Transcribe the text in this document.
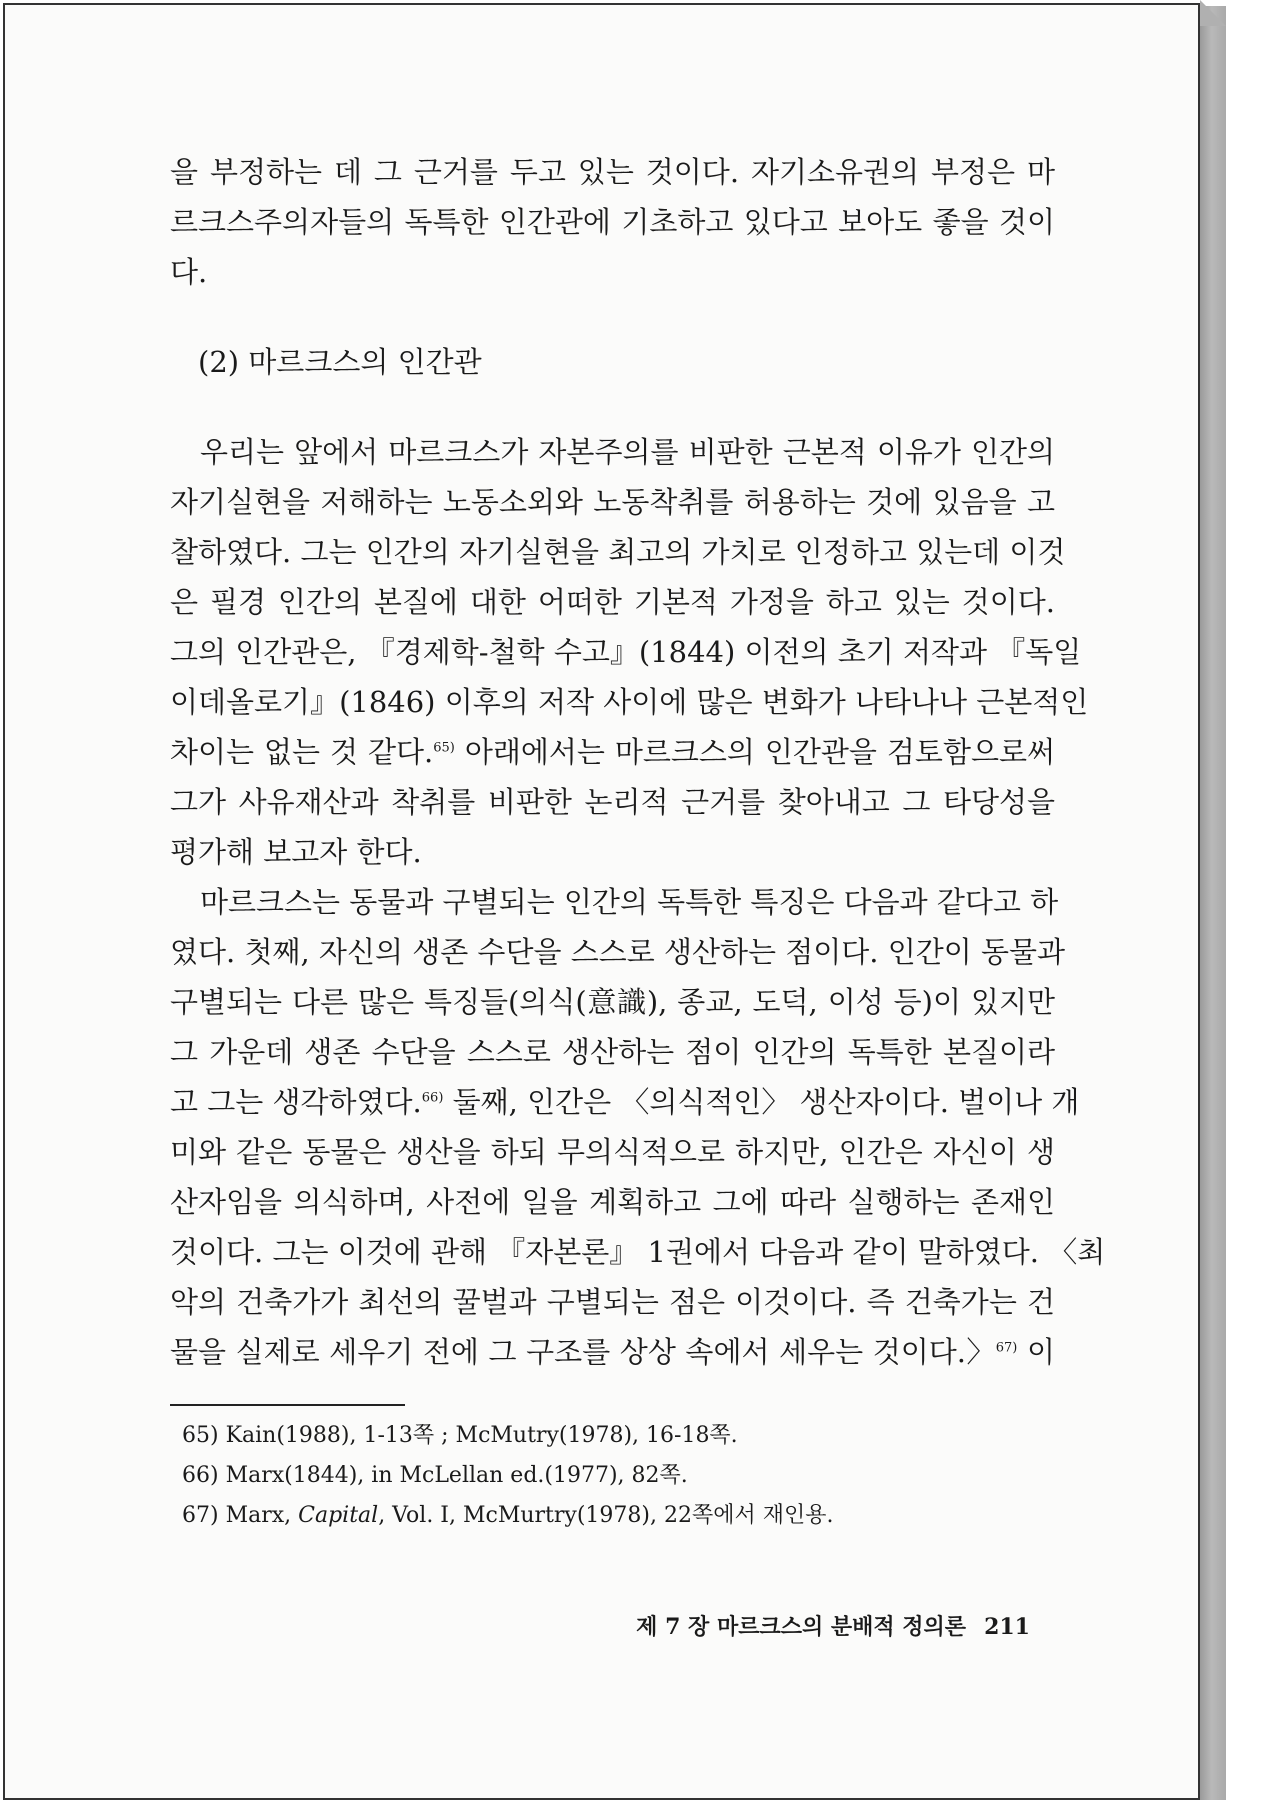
을 부정하는 데 그 근거를 두고 있는 것이다. 자기소유권의 부정은 마

르크스주의자들의 독특한 인간관에 기초하고 있다고 보아도 좋을 것이

다.

(2) 마르크스의 인간관

우리는 앞에서 마르크스가 자본주의를 비판한 근본적 이유가 인간의

자기실현을 저해하는 노동소외와 노동착취를 허용하는 것에 있음을 고

찰하였다. 그는 인간의 자기실현을 최고의 가치로 인정하고 있는데 이것

은 필경 인간의 본질에 대한 어떠한 기본적 가정을 하고 있는 것이다.

그의 인간관은, 『경제학-철학 수고』(1844) 이전의 초기 저작과 『독일

이데올로기』(1846) 이후의 저작 사이에 많은 변화가 나타나나 근본적인

차이는 없는 것 같다.$^{65)}$ 아래에서는 마르크스의 인간관을 검토함으로써

그가 사유재산과 착취를 비판한 논리적 근거를 찾아내고 그 타당성을

평가해 보고자 한다.

마르크스는 동물과 구별되는 인간의 독특한 특징은 다음과 같다고 하

였다. 첫째, 자신의 생존 수단을 스스로 생산하는 점이다. 인간이 동물과

구별되는 다른 많은 특징들(의식(意識), 종교, 도덕, 이성 등)이 있지만

그 가운데 생존 수단을 스스로 생산하는 점이 인간의 독특한 본질이라

고 그는 생각하였다.$^{66)}$ 둘째, 인간은 〈의식적인〉 생산자이다. 벌이나 개

미와 같은 동물은 생산을 하되 무의식적으로 하지만, 인간은 자신이 생

산자임을 의식하며, 사전에 일을 계획하고 그에 따라 실행하는 존재인

것이다. 그는 이것에 관해 『자본론』 1권에서 다음과 같이 말하였다. 〈최

악의 건축가가 최선의 꿀벌과 구별되는 점은 이것이다. 즉 건축가는 건

물을 실제로 세우기 전에 그 구조를 상상 속에서 세우는 것이다.〉$^{67)}$ 이

65) Kain(1988), 1-13쪽 ; McMutry(1978), 16-18쪽.

66) Marx(1844), in McLellan ed.(1977), 82쪽.

67) Marx, Capital, Vol. Ⅰ, McMurtry(1978), 22쪽에서 재인용.

제 7 장 마르크스의 분배적 정의론 211
